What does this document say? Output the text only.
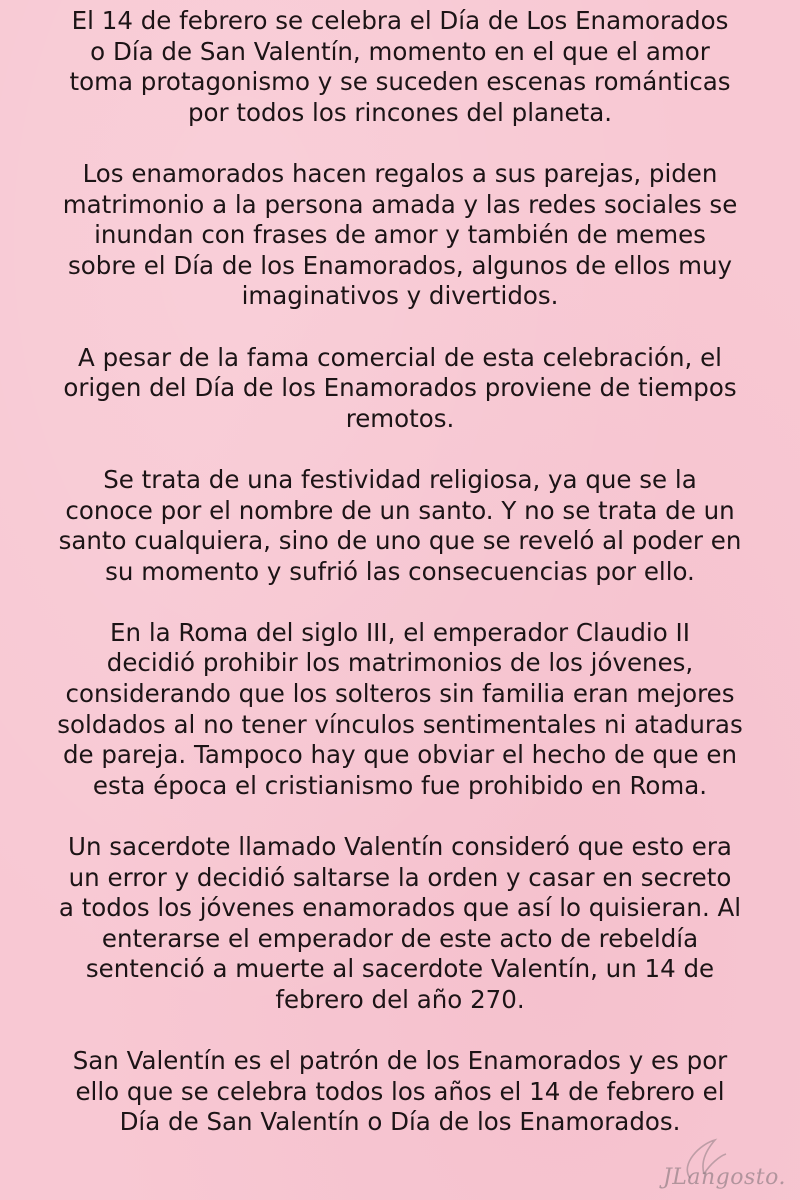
El 14 de febrero se celebra el Día de Los Enamorados
o Día de San Valentín, momento en el que el amor
toma protagonismo y se suceden escenas románticas
por todos los rincones del planeta.

Los enamorados hacen regalos a sus parejas, piden
matrimonio a la persona amada y las redes sociales se
inundan con frases de amor y también de memes
sobre el Día de los Enamorados, algunos de ellos muy
imaginativos y divertidos.

A pesar de la fama comercial de esta celebración, el
origen del Día de los Enamorados proviene de tiempos
remotos.

Se trata de una festividad religiosa, ya que se la
conoce por el nombre de un santo. Y no se trata de un
santo cualquiera, sino de uno que se reveló al poder en
su momento y sufrió las consecuencias por ello.

En la Roma del siglo III, el emperador Claudio II
decidió prohibir los matrimonios de los jóvenes,
considerando que los solteros sin familia eran mejores
soldados al no tener vínculos sentimentales ni ataduras
de pareja. Tampoco hay que obviar el hecho de que en
esta época el cristianismo fue prohibido en Roma.

Un sacerdote llamado Valentín consideró que esto era
un error y decidió saltarse la orden y casar en secreto
a todos los jóvenes enamorados que así lo quisieran. Al
enterarse el emperador de este acto de rebeldía
sentenció a muerte al sacerdote Valentín, un 14 de
febrero del año 270.

San Valentín es el patrón de los Enamorados y es por
ello que se celebra todos los años el 14 de febrero el
Día de San Valentín o Día de los Enamorados.

JLangosto.
